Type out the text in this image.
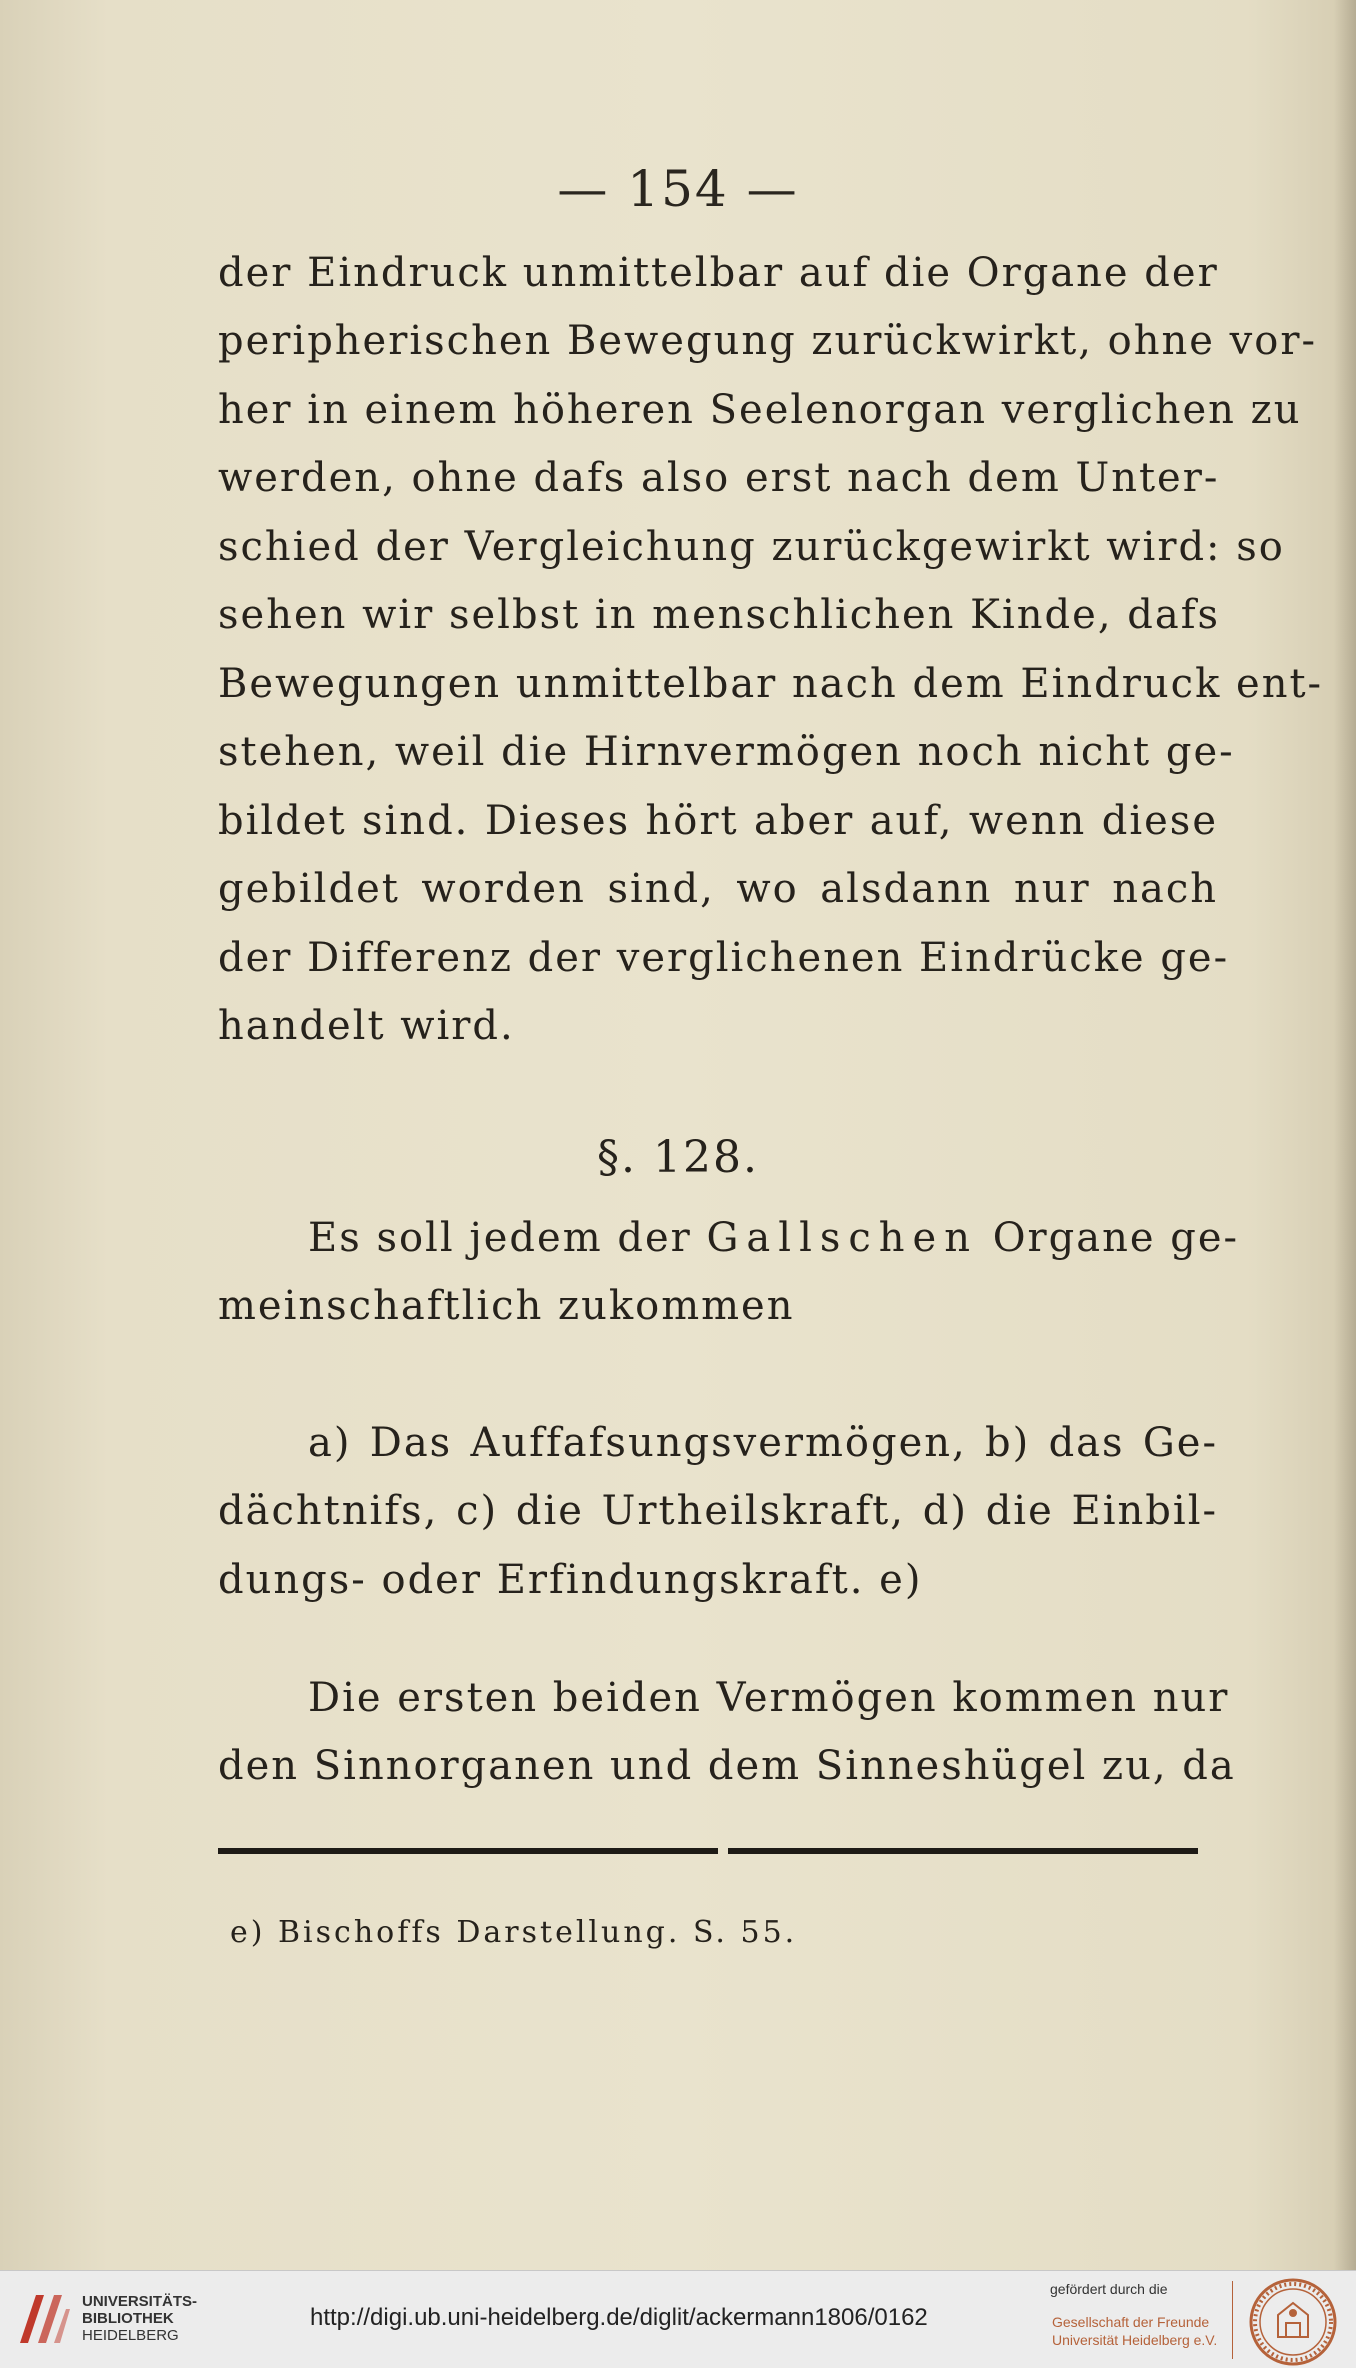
— 154 —
der Eindruck unmittelbar auf die Organe der
peripherischen Bewegung zurückwirkt, ohne vor-
her in einem höheren Seelenorgan verglichen zu
werden, ohne dafs also erst nach dem Unter-
schied der Vergleichung zurückgewirkt wird: so
sehen wir selbst in menschlichen Kinde, dafs
Bewegungen unmittelbar nach dem Eindruck ent-
stehen, weil die Hirnvermögen noch nicht ge-
bildet sind. Dieses hört aber auf, wenn diese
gebildet worden sind, wo alsdann nur nach
der Differenz der verglichenen Eindrücke ge-
handelt wird.
§. 128.
Es soll jedem der Gallschen Organe ge-
meinschaftlich zukommen
a) Das Auffafsungsvermögen, b) das Ge-
dächtnifs, c) die Urtheilskraft, d) die Einbil-
dungs- oder Erfindungskraft. e)
Die ersten beiden Vermögen kommen nur
den Sinnorganen und dem Sinneshügel zu, da
e) Bischoffs Darstellung. S. 55.
UNIVERSITÄTS-
BIBLIOTHEK
HEIDELBERG
http://digi.ub.uni-heidelberg.de/diglit/ackermann1806/0162
gefördert durch die
Gesellschaft der Freunde
Universität Heidelberg e.V.
